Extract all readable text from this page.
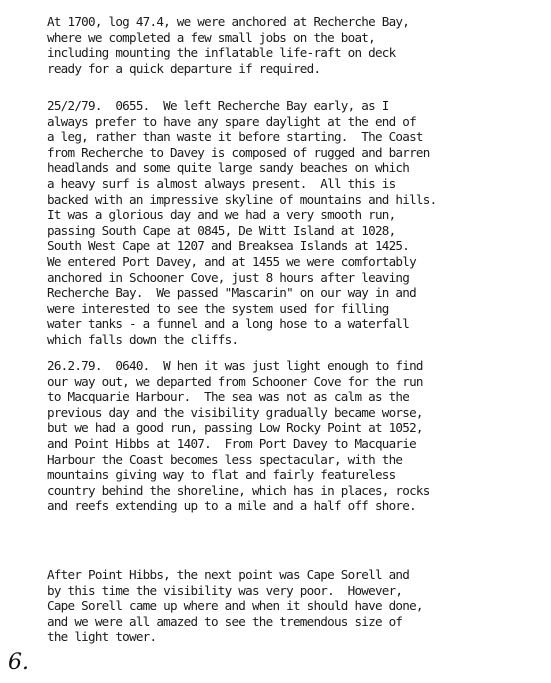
At 1700, log 47.4, we were anchored at Recherche Bay,
where we completed a few small jobs on the boat,
including mounting the inflatable life-raft on deck
ready for a quick departure if required.

25/2/79.  0655.  We left Recherche Bay early, as I
always prefer to have any spare daylight at the end of
a leg, rather than waste it before starting.  The Coast
from Recherche to Davey is composed of rugged and barren
headlands and some quite large sandy beaches on which
a heavy surf is almost always present.  All this is
backed with an impressive skyline of mountains and hills.
It was a glorious day and we had a very smooth run,
passing South Cape at 0845, De Witt Island at 1028,
South West Cape at 1207 and Breaksea Islands at 1425.
We entered Port Davey, and at 1455 we were comfortably
anchored in Schooner Cove, just 8 hours after leaving
Recherche Bay.  We passed "Mascarin" on our way in and
were interested to see the system used for filling
water tanks - a funnel and a long hose to a waterfall
which falls down the cliffs.

26.2.79.  0640.  W hen it was just light enough to find
our way out, we departed from Schooner Cove for the run
to Macquarie Harbour.  The sea was not as calm as the
previous day and the visibility gradually became worse,
but we had a good run, passing Low Rocky Point at 1052,
and Point Hibbs at 1407.  From Port Davey to Macquarie
Harbour the Coast becomes less spectacular, with the
mountains giving way to flat and fairly featureless
country behind the shoreline, which has in places, rocks
and reefs extending up to a mile and a half off shore.

After Point Hibbs, the next point was Cape Sorell and
by this time the visibility was very poor.  However,
Cape Sorell came up where and when it should have done,
and we were all amazed to see the tremendous size of
the light tower.

6.
